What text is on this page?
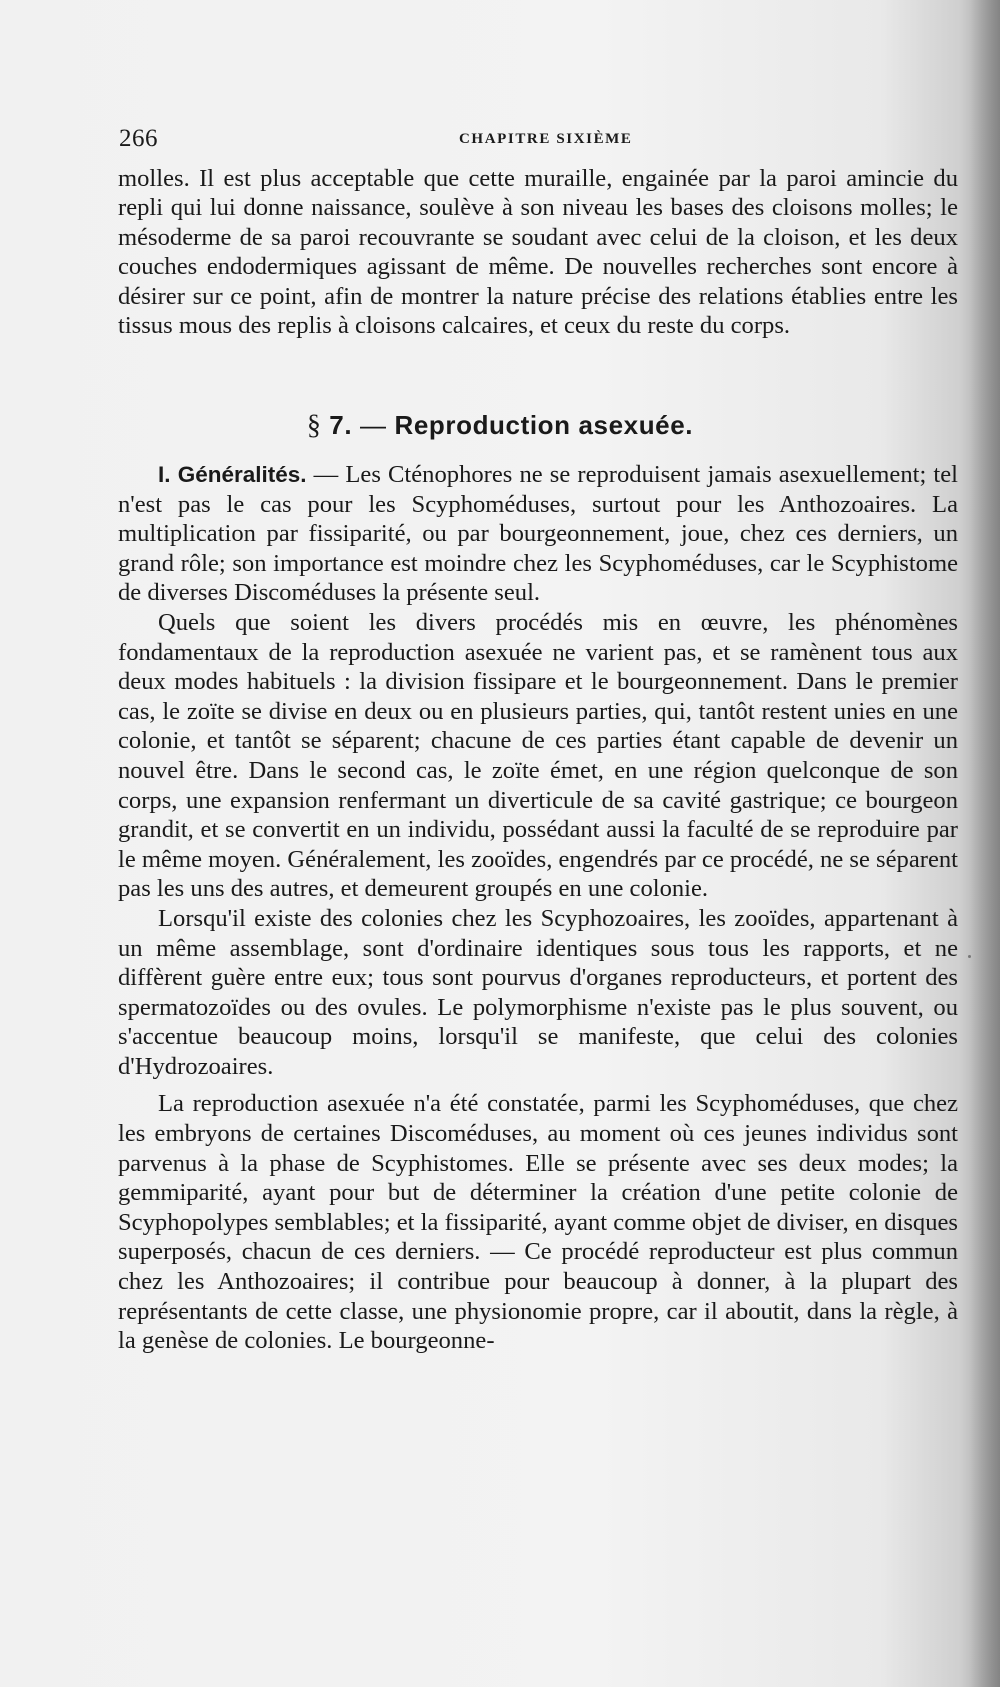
266	CHAPITRE SIXIÈME

molles. Il est plus acceptable que cette muraille, engainée par la paroi amincie du repli qui lui donne naissance, soulève à son niveau les bases des cloisons molles; le mésoderme de sa paroi recouvrante se soudant avec celui de la cloison, et les deux couches endodermiques agissant de même. De nouvelles recherches sont encore à désirer sur ce point, afin de montrer la nature précise des relations établies entre les tissus mous des replis à cloisons calcaires, et ceux du reste du corps.

§ 7. — Reproduction asexuée.

I. Généralités. — Les Cténophores ne se reproduisent jamais asexuellement; tel n'est pas le cas pour les Scyphoméduses, surtout pour les Anthozoaires. La multiplication par fissiparité, ou par bourgeonnement, joue, chez ces derniers, un grand rôle; son importance est moindre chez les Scyphoméduses, car le Scyphistome de diverses Discoméduses la présente seul.

Quels que soient les divers procédés mis en œuvre, les phénomènes fondamentaux de la reproduction asexuée ne varient pas, et se ramènent tous aux deux modes habituels : la division fissipare et le bourgeonnement. Dans le premier cas, le zoïte se divise en deux ou en plusieurs parties, qui, tantôt restent unies en une colonie, et tantôt se séparent; chacune de ces parties étant capable de devenir un nouvel être. Dans le second cas, le zoïte émet, en une région quelconque de son corps, une expansion renfermant un diverticule de sa cavité gastrique; ce bourgeon grandit, et se convertit en un individu, possédant aussi la faculté de se reproduire par le même moyen. Généralement, les zooïdes, engendrés par ce procédé, ne se séparent pas les uns des autres, et demeurent groupés en une colonie.

Lorsqu'il existe des colonies chez les Scyphozoaires, les zooïdes, appartenant à un même assemblage, sont d'ordinaire identiques sous tous les rapports, et ne diffèrent guère entre eux; tous sont pourvus d'organes reproducteurs, et portent des spermatozoïdes ou des ovules. Le polymorphisme n'existe pas le plus souvent, ou s'accentue beaucoup moins, lorsqu'il se manifeste, que celui des colonies d'Hydrozoaires.

La reproduction asexuée n'a été constatée, parmi les Scyphoméduses, que chez les embryons de certaines Discoméduses, au moment où ces jeunes individus sont parvenus à la phase de Scyphistomes. Elle se présente avec ses deux modes; la gemmiparité, ayant pour but de déterminer la création d'une petite colonie de Scyphopolypes semblables; et la fissiparité, ayant comme objet de diviser, en disques superposés, chacun de ces derniers. — Ce procédé reproducteur est plus commun chez les Anthozoaires; il contribue pour beaucoup à donner, à la plupart des représentants de cette classe, une physionomie propre, car il aboutit, dans la règle, à la genèse de colonies. Le bourgeonne-
